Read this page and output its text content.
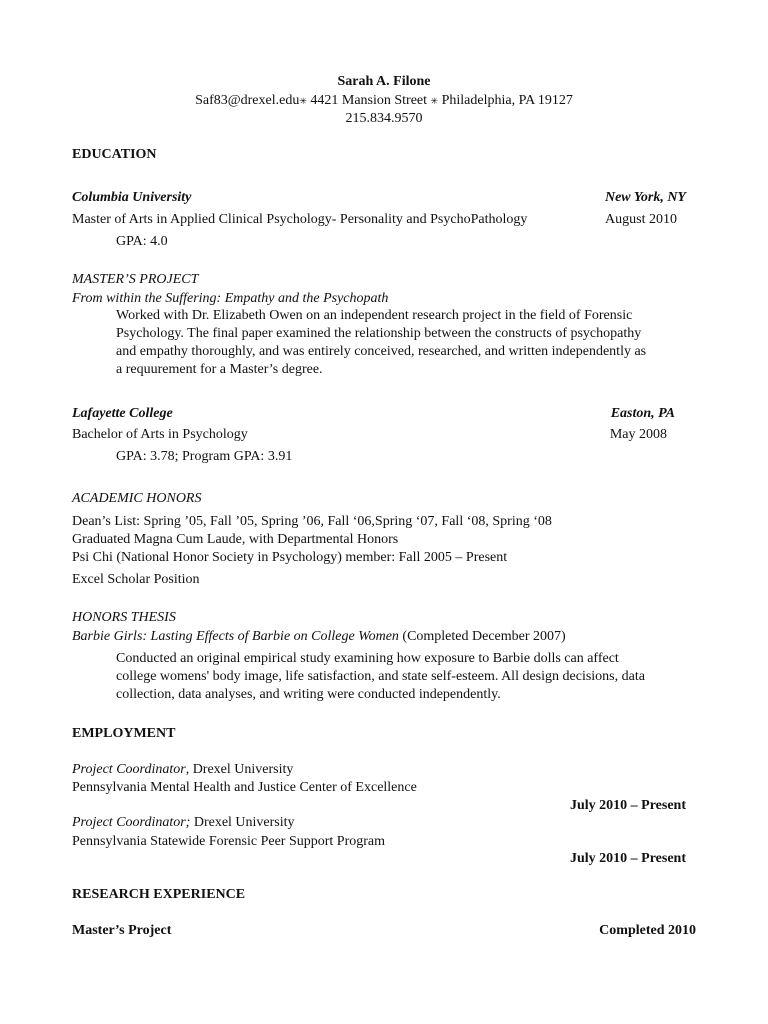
Sarah A. Filone
Saf83@drexel.edu✳ 4421 Mansion Street ✳ Philadelphia, PA 19127
215.834.9570
EDUCATION
Columbia University	New York, NY
Master of Arts in Applied Clinical Psychology- Personality and PsychoPathology	August 2010
GPA: 4.0
MASTER’S PROJECT
From within the Suffering: Empathy and the Psychopath

Worked with Dr. Elizabeth Owen on an independent research project in the field of Forensic

Psychology. The final paper examined the relationship between the constructs of psychopathy

and empathy thoroughly, and was entirely conceived, researched, and written independently as

a requurement for a Master’s degree.

Lafayette College	Easton, PA
Bachelor of Arts in Psychology	May 2008
GPA: 3.78; Program GPA: 3.91
ACADEMIC HONORS
Dean’s List: Spring ’05, Fall ’05, Spring ’06, Fall ‘06,Spring ‘07, Fall ‘08, Spring ‘08
Graduated Magna Cum Laude, with Departmental Honors
Psi Chi (National Honor Society in Psychology) member: Fall 2005 – Present
Excel Scholar Position
HONORS THESIS
Barbie Girls: Lasting Effects of Barbie on College Women (Completed December 2007)

Conducted an original empirical study examining how exposure to Barbie dolls can affect

college womens' body image, life satisfaction, and state self-esteem. All design decisions, data

collection, data analyses, and writing were conducted independently.

EMPLOYMENT
Project Coordinator, Drexel University
Pennsylvania Mental Health and Justice Center of Excellence
July 2010 – Present
Project Coordinator; Drexel University
Pennsylvania Statewide Forensic Peer Support Program
July 2010 – Present
RESEARCH EXPERIENCE
Master’s Project	Completed 2010
